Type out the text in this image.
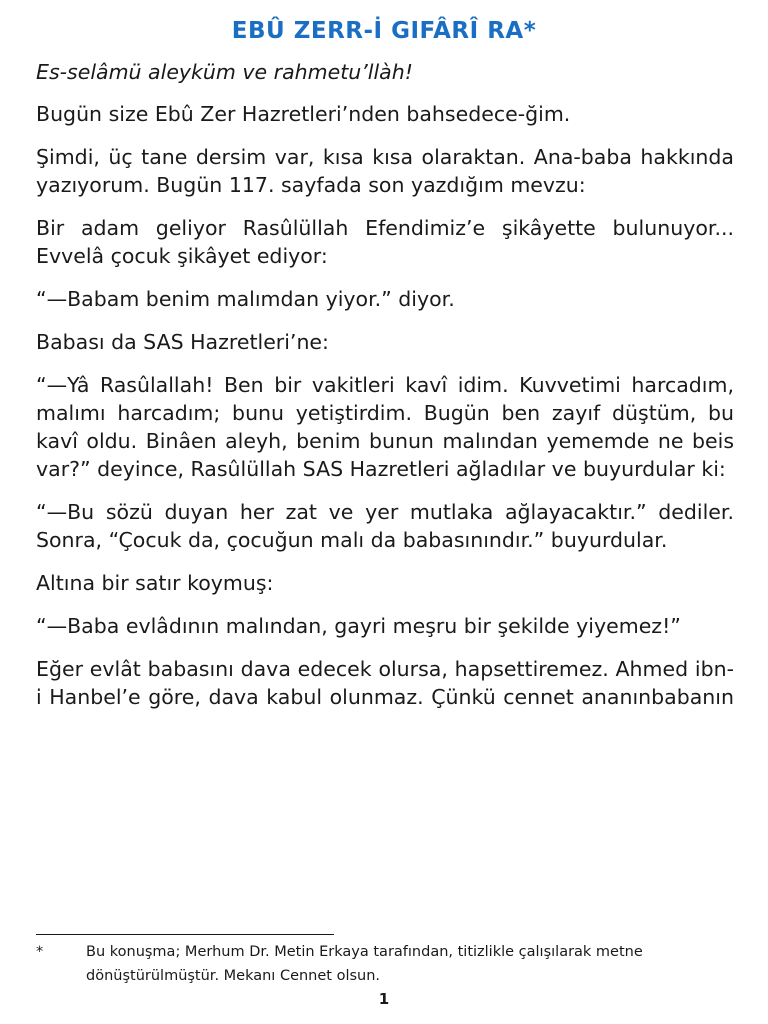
EBÛ ZERR-İ GIFÂRÎ RA*

Es-selâmü aleyküm ve rahmetu’llàh!

Bugün size Ebû Zer Hazretleri’nden bahsedece-ğim.

Şimdi, üç tane dersim var, kısa kısa olaraktan. Ana-baba hakkında yazıyorum. Bugün 117. sayfada son yazdığım mevzu:

Bir adam geliyor Rasûlüllah Efendimiz’e şikâyette bulunuyor... Evvelâ çocuk şikâyet ediyor:

“—Babam benim malımdan yiyor.” diyor.

Babası da SAS Hazretleri’ne:

“—Yâ Rasûlallah! Ben bir vakitleri kavî idim. Kuvvetimi harcadım, malımı harcadım; bunu yetiştirdim. Bugün ben zayıf düştüm, bu kavî oldu. Binâen aleyh, benim bunun malından yememde ne beis var?” deyince, Rasûlüllah SAS Hazretleri ağladılar ve buyurdular ki:

“—Bu sözü duyan her zat ve yer mutlaka ağlayacaktır.” dediler. Sonra, “Çocuk da, çocuğun malı da babasınındır.” buyurdular.

Altına bir satır koymuş:

“—Baba evlâdının malından, gayri meşru bir şekilde yiyemez!”

Eğer evlât babasını dava edecek olursa, hapsettiremez. Ahmed ibn-i Hanbel’e göre, dava kabul olunmaz. Çünkü cennet ananınbabanın

*	Bu konuşma; Merhum Dr. Metin Erkaya tarafından, titizlikle çalışılarak metne dönüştürülmüştür. Mekanı Cennet olsun.
1
